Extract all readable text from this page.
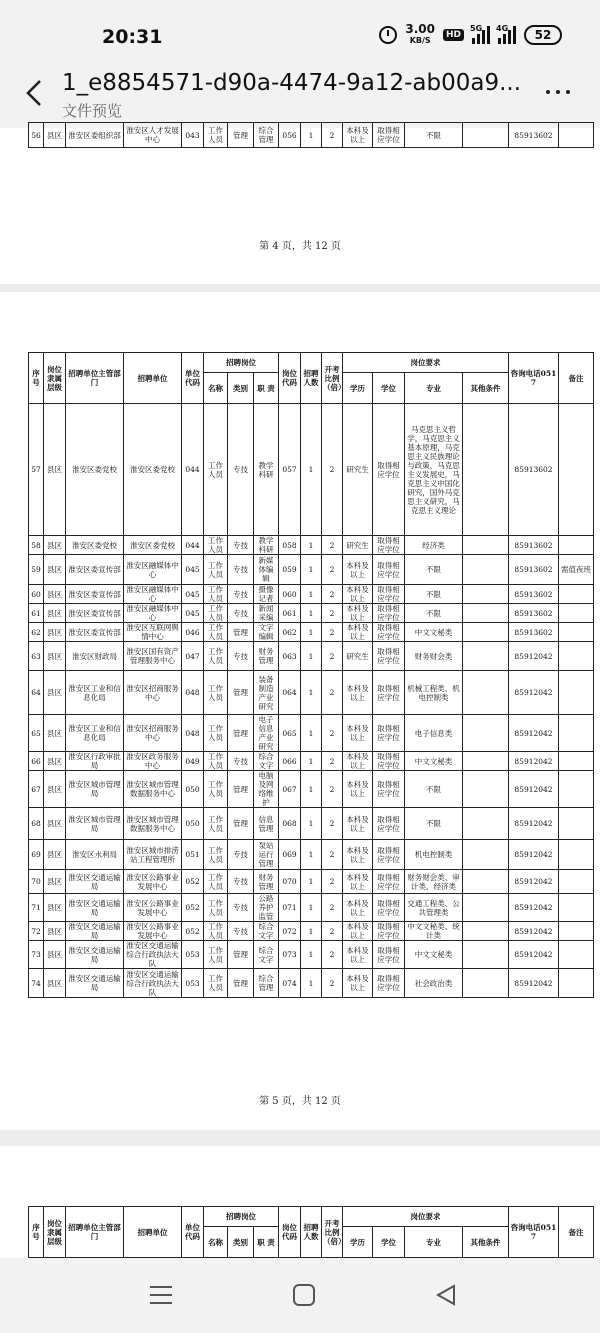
20:31	3.00
KB/S
HD
5G 4G	52
1_e8854571-d90a-4474-9a12-ab00a9...
文件预览
56	县区	淮安区委组织部	淮安区人才发展中心	043	工作人员	管理	综合管理	056	1	2	本科及以上	取得相应学位	不限		85913602	
第 4 页，共 12 页
序号	岗位隶属层级	招聘单位主管部门	招聘单位	单位代码	招聘岗位			岗位代码	招聘人数	开考比例（倍）	岗位要求				咨询电话0517	备注
					名称	类别	职 责				学历	学位	专业	其他条件		
57	县区	淮安区委党校	淮安区委党校	044	工作人员	专技	教学科研	057	1	2	研究生	取得相应学位	马克思主义哲学，马克思主义基本原理，马克思主义民族理论与政策，马克思主义发展史，马克思主义中国化研究，国外马克思主义研究，马克思主义理论		85913602	
58	县区	淮安区委党校	淮安区委党校	044	工作人员	专技	教学科研	058	1	2	研究生	取得相应学位	经济类		85913602	
59	县区	淮安区委宣传部	淮安区融媒体中心	045	工作人员	专技	新媒体编辑	059	1	2	本科及以上	取得相应学位	不限		85913602	需值夜班
60	县区	淮安区委宣传部	淮安区融媒体中心	045	工作人员	专技	摄像记者	060	1	2	本科及以上	取得相应学位	不限		85913602	
61	县区	淮安区委宣传部	淮安区融媒体中心	045	工作人员	专技	新闻采编	061	1	2	本科及以上	取得相应学位	不限		85913602	
62	县区	淮安区委宣传部	淮安区互联网舆情中心	046	工作人员	管理	文字编辑	062	1	2	本科及以上	取得相应学位	中文文秘类		85913602	
63	县区	淮安区财政局	淮安区国有资产管理服务中心	047	工作人员	专技	财务管理	063	1	2	研究生	取得相应学位	财务财会类		85912042	
64	县区	淮安区工业和信息化局	淮安区招商服务中心	048	工作人员	管理	装备制造产业研究	064	1	2	本科及以上	取得相应学位	机械工程类、机电控制类		85912042	
65	县区	淮安区工业和信息化局	淮安区招商服务中心	048	工作人员	管理	电子信息产业研究	065	1	2	本科及以上	取得相应学位	电子信息类		85912042	
66	县区	淮安区行政审批局	淮安区政务服务中心	049	工作人员	专技	综合文字	066	1	2	本科及以上	取得相应学位	中文文秘类		85912042	
67	县区	淮安区城市管理局	淮安区城市管理数据服务中心	050	工作人员	管理	电脑及网络维护	067	1	2	本科及以上	取得相应学位	不限		85912042	
68	县区	淮安区城市管理局	淮安区城市管理数据服务中心	050	工作人员	管理	信息管理	068	1	2	本科及以上	取得相应学位	不限		85912042	
69	县区	淮安区水利局	淮安区城市排涝站工程管理所	051	工作人员	专技	泵站运行管理	069	1	2	本科及以上	取得相应学位	机电控制类		85912042	
70	县区	淮安区交通运输局	淮安区公路事业发展中心	052	工作人员	专技	财务管理	070	1	2	本科及以上	取得相应学位	财务财会类、审计类、经济类		85912042	
71	县区	淮安区交通运输局	淮安区公路事业发展中心	052	工作人员	专技	公路养护监管	071	1	2	本科及以上	取得相应学位	交通工程类、公共管理类		85912042	
72	县区	淮安区交通运输局	淮安区公路事业发展中心	052	工作人员	专技	综合文字	072	1	2	本科及以上	取得相应学位	中文文秘类、统计类		85912042	
73	县区	淮安区交通运输局	淮安区交通运输综合行政执法大队	053	工作人员	管理	综合文字	073	1	2	本科及以上	取得相应学位	中文文秘类		85912042	
74	县区	淮安区交通运输局	淮安区交通运输综合行政执法大队	053	工作人员	管理	综合管理	074	1	2	本科及以上	取得相应学位	社会政治类		85912042	
第 5 页，共 12 页
序号	岗位隶属层级	招聘单位主管部门	招聘单位	单位代码	招聘岗位			岗位代码	招聘人数	开考比例（倍）	岗位要求				咨询电话0517	备注
					名称	类别	职 责				学历	学位	专业	其他条件		
